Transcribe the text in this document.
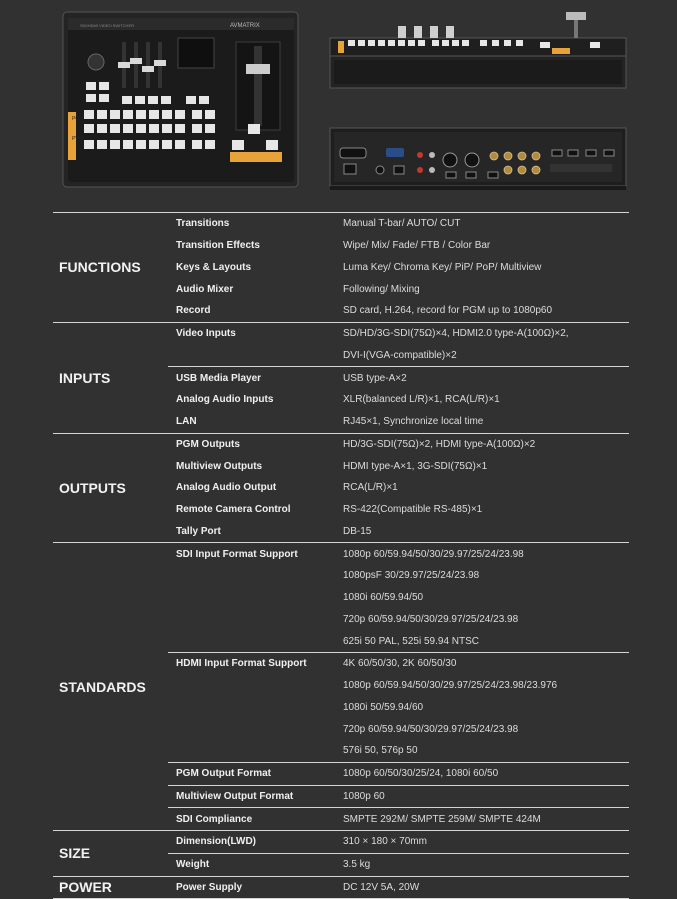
AVMATRIX
SDI/HDMI VIDEO SWITCHER
PGM
PVW
FUNCTIONS
Transitions	Manual T-bar/ AUTO/ CUT
Transition Effects	Wipe/ Mix/ Fade/ FTB / Color Bar
Keys & Layouts	Luma Key/ Chroma Key/ PiP/ PoP/ Multiview
Audio Mixer	Following/ Mixing
Record	SD card, H.264, record for PGM up to 1080p60
INPUTS
Video Inputs	SD/HD/3G-SDI(75Ω)×4, HDMI2.0 type-A(100Ω)×2,
DVI-I(VGA-compatible)×2
USB Media Player	USB type-A×2
Analog Audio Inputs	XLR(balanced L/R)×1, RCA(L/R)×1
LAN	RJ45×1, Synchronize local time
OUTPUTS
PGM Outputs	HD/3G-SDI(75Ω)×2, HDMI type-A(100Ω)×2
Multiview Outputs	HDMI type-A×1, 3G-SDI(75Ω)×1
Analog Audio Output	RCA(L/R)×1
Remote Camera Control	RS-422(Compatible RS-485)×1
Tally Port	DB-15
STANDARDS
SDI Input Format Support	1080p 60/59.94/50/30/29.97/25/24/23.98
1080psF 30/29.97/25/24/23.98
1080i 60/59.94/50
720p 60/59.94/50/30/29.97/25/24/23.98
625i 50 PAL, 525i 59.94 NTSC
HDMI Input Format Support	4K 60/50/30, 2K 60/50/30
1080p 60/59.94/50/30/29.97/25/24/23.98/23.976
1080i 50/59.94/60
720p 60/59.94/50/30/29.97/25/24/23.98
576i 50, 576p 50
PGM Output Format	1080p 60/50/30/25/24, 1080i 60/50
Multiview Output Format	1080p 60
SDI Compliance	SMPTE 292M/ SMPTE 259M/ SMPTE 424M
SIZE
Dimension(LWD)	310 × 180 × 70mm
Weight	3.5 kg
POWER	Power Supply	DC 12V 5A, 20W
